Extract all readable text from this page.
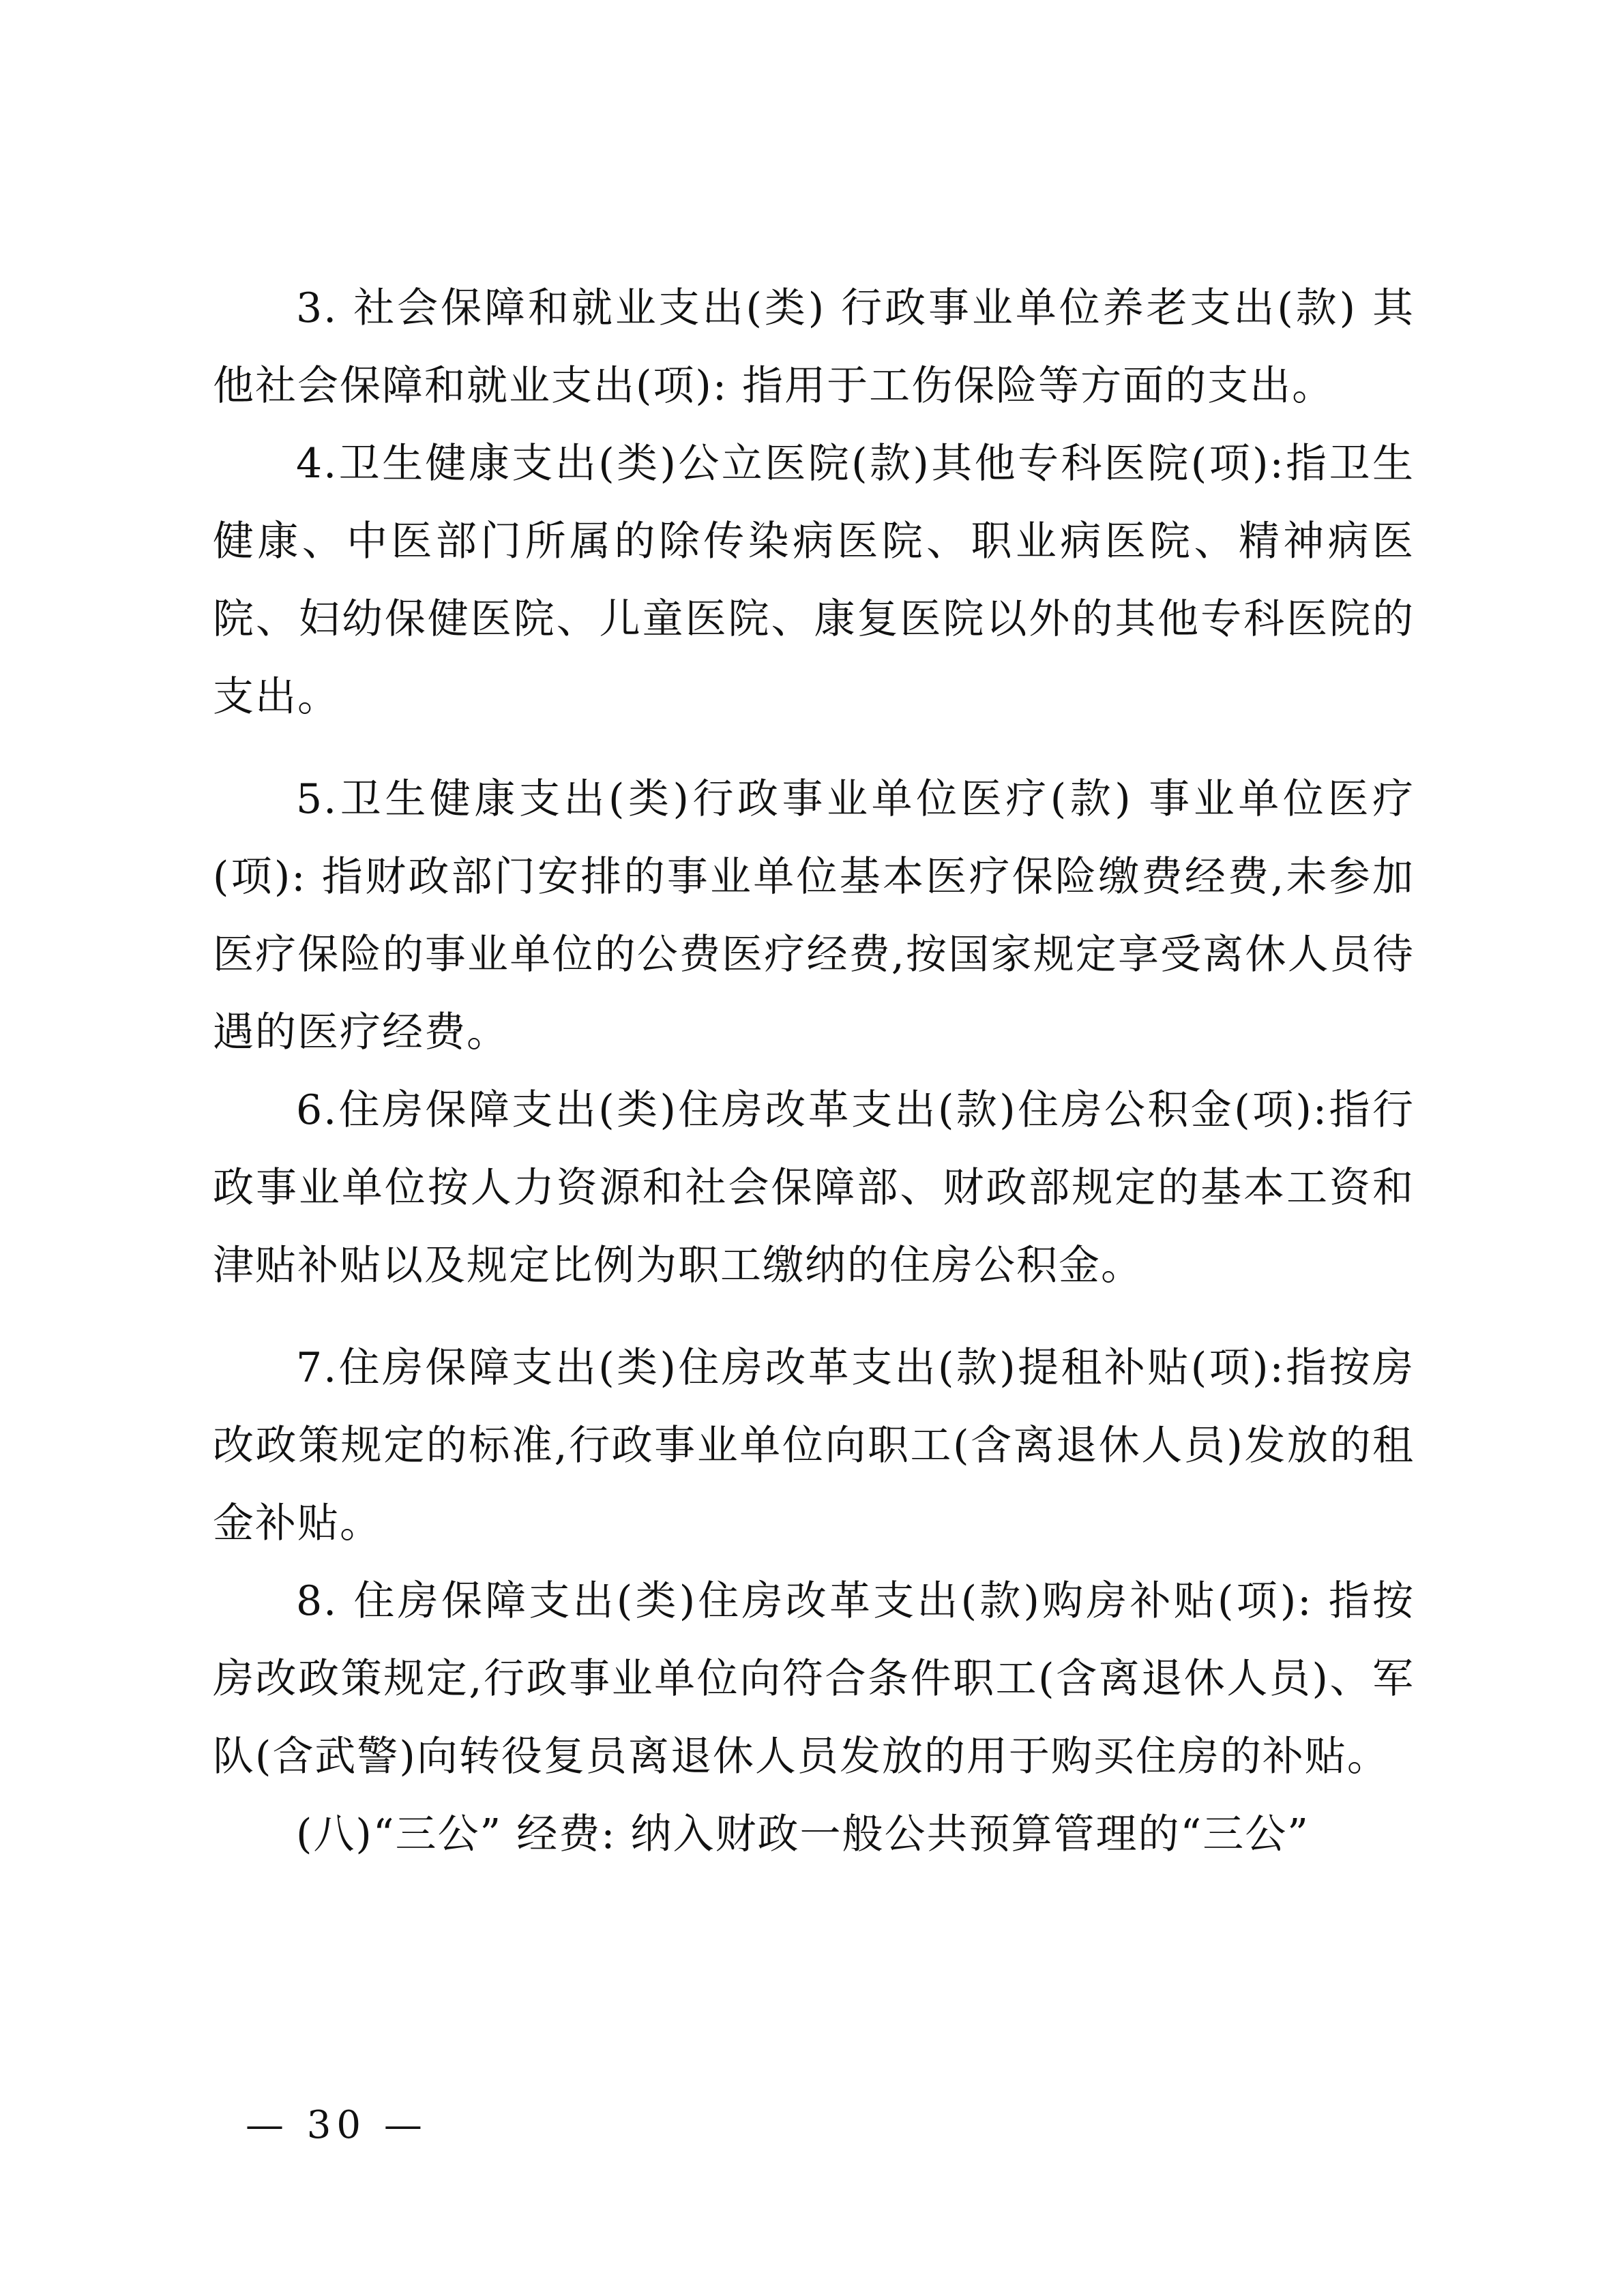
3. 社会保障和就业支出(类) 行政事业单位养老支出(款) 其他社会保障和就业支出(项): 指用于工伤保险等方面的支出。

4.卫生健康支出(类)公立医院(款)其他专科医院(项):指卫生健康、中医部门所属的除传染病医院、职业病医院、精神病医院、妇幼保健医院、儿童医院、康复医院以外的其他专科医院的支出。

5.卫生健康支出(类)行政事业单位医疗(款) 事业单位医疗(项): 指财政部门安排的事业单位基本医疗保险缴费经费,未参加医疗保险的事业单位的公费医疗经费,按国家规定享受离休人员待遇的医疗经费。

6.住房保障支出(类)住房改革支出(款)住房公积金(项):指行政事业单位按人力资源和社会保障部、财政部规定的基本工资和津贴补贴以及规定比例为职工缴纳的住房公积金。

7.住房保障支出(类)住房改革支出(款)提租补贴(项):指按房改政策规定的标准,行政事业单位向职工(含离退休人员)发放的租金补贴。

8. 住房保障支出(类)住房改革支出(款)购房补贴(项): 指按房改政策规定,行政事业单位向符合条件职工(含离退休人员)、军队(含武警)向转役复员离退休人员发放的用于购买住房的补贴。

(八)“三公” 经费: 纳入财政一般公共预算管理的“三公”

— 30 —
